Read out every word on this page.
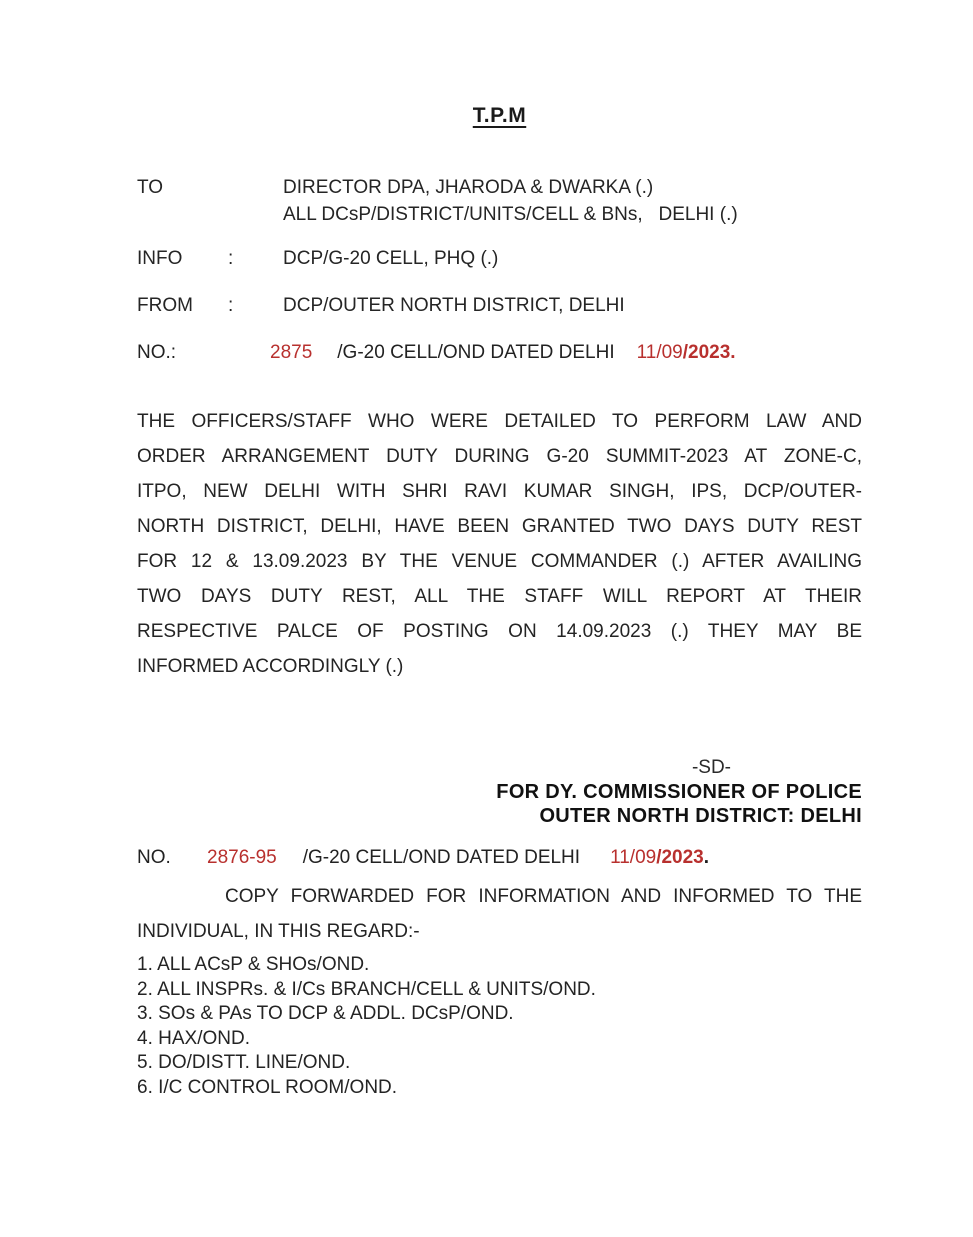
T.P.M
TO	DIRECTOR DPA, JHARODA & DWARKA (.)
ALL DCsP/DISTRICT/UNITS/CELL & BNs,   DELHI (.)
INFO	:	DCP/G-20 CELL, PHQ (.)
FROM	:	DCP/OUTER NORTH DISTRICT, DELHI
NO.:	2875 /G-20 CELL/OND DATED DELHI 11/09/2023.
THE OFFICERS/STAFF WHO WERE DETAILED TO PERFORM LAW AND
ORDER ARRANGEMENT DUTY DURING G-20 SUMMIT-2023 AT ZONE-C,
ITPO, NEW DELHI WITH SHRI RAVI KUMAR SINGH, IPS, DCP/OUTER-
NORTH DISTRICT, DELHI, HAVE BEEN GRANTED TWO DAYS DUTY REST
FOR 12 & 13.09.2023 BY THE VENUE COMMANDER (.) AFTER AVAILING
TWO DAYS DUTY REST, ALL THE STAFF WILL REPORT AT THEIR
RESPECTIVE PALCE OF POSTING ON 14.09.2023 (.) THEY MAY BE
INFORMED ACCORDINGLY (.)
-SD-
FOR DY. COMMISSIONER OF POLICE
OUTER NORTH DISTRICT: DELHI
NO. 2876-95 /G-20 CELL/OND DATED DELHI 11/09/2023.
COPY FORWARDED FOR INFORMATION AND INFORMED TO THE
INDIVIDUAL, IN THIS REGARD:-
1. ALL ACsP & SHOs/OND.
2. ALL INSPRs. & I/Cs BRANCH/CELL & UNITS/OND.
3. SOs & PAs TO DCP & ADDL. DCsP/OND.
4. HAX/OND.
5. DO/DISTT. LINE/OND.
6. I/C CONTROL ROOM/OND.
